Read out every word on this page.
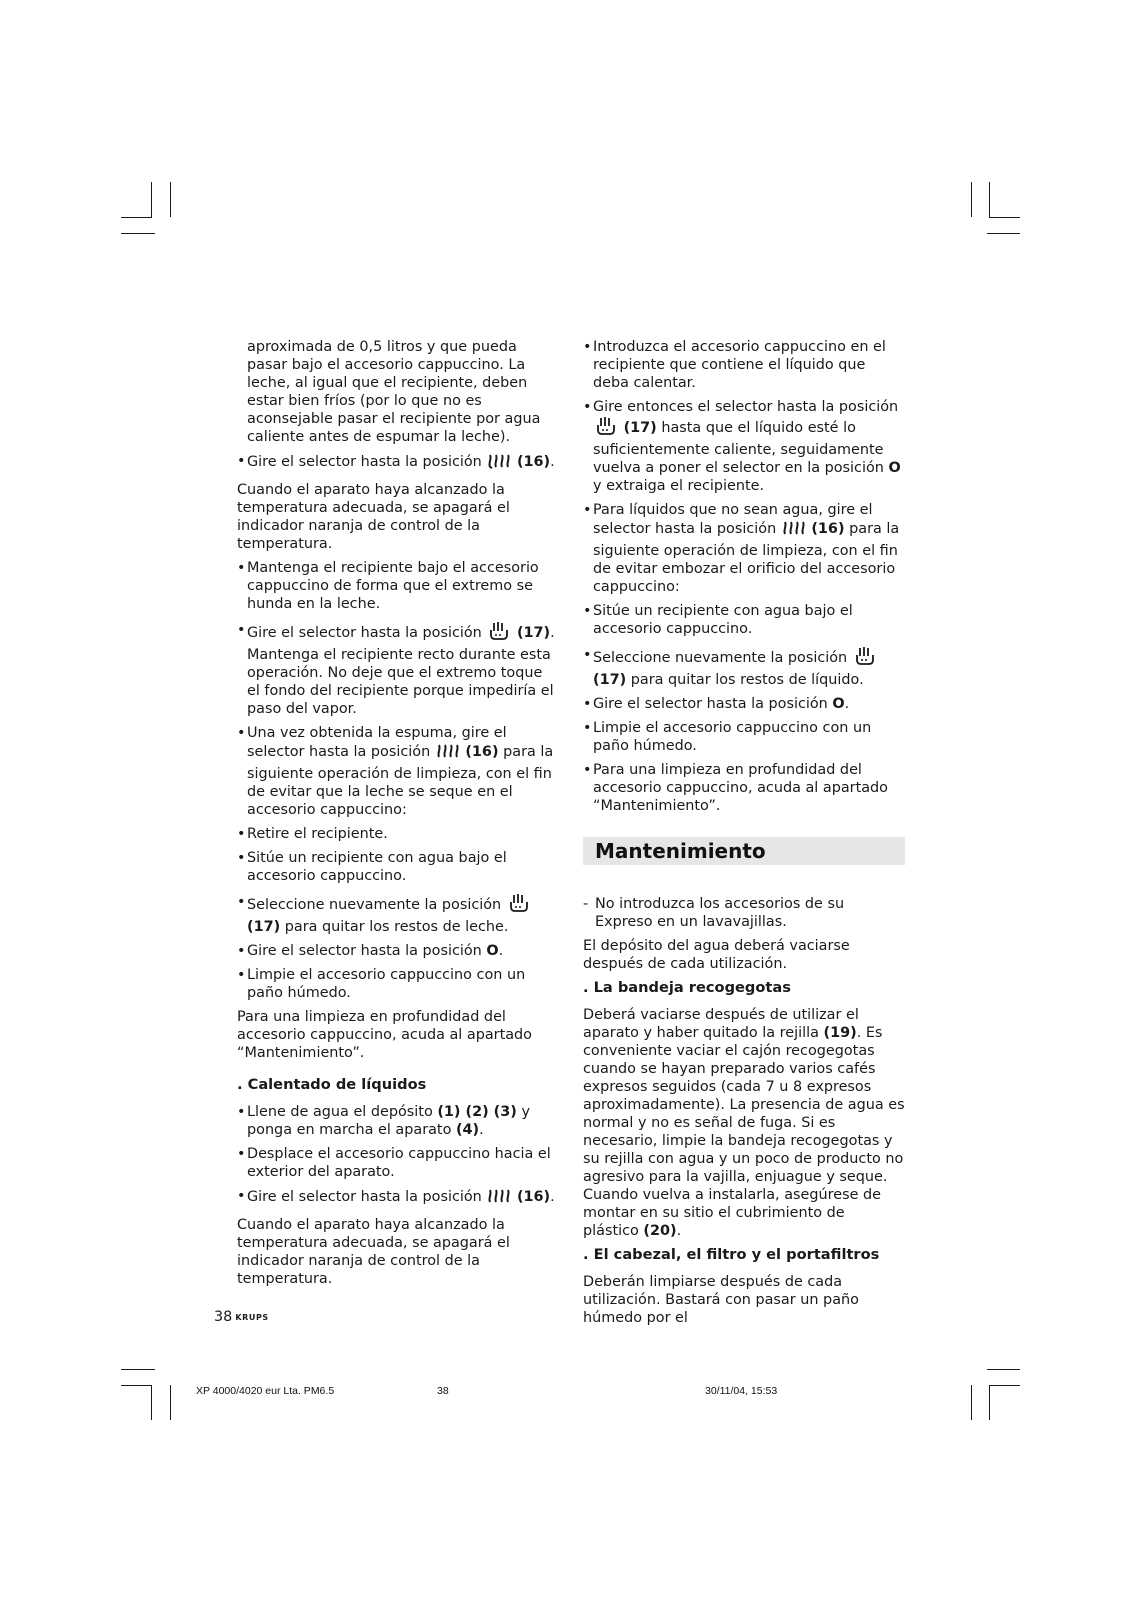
aproximada de 0,5 litros y que pueda pasar bajo el accesorio cappuccino. La leche, al igual que el recipiente, deben estar bien fríos (por lo que no es aconsejable pasar el recipiente por agua caliente antes de espumar la leche).

• Gire el selector hasta la posición (16).

Cuando el aparato haya alcanzado la temperatura adecuada, se apagará el indicador naranja de control de la temperatura.

• Mantenga el recipiente bajo el accesorio cappuccino de forma que el extremo se hunda en la leche.
• Gire el selector hasta la posición (17). Mantenga el recipiente recto durante esta operación. No deje que el extremo toque el fondo del recipiente porque impediría el paso del vapor.
• Una vez obtenida la espuma, gire el selector hasta la posición (16) para la siguiente operación de limpieza, con el fin de evitar que la leche se seque en el accesorio cappuccino:
• Retire el recipiente.
• Sitúe un recipiente con agua bajo el accesorio cappuccino.
• Seleccione nuevamente la posición  (17) para quitar los restos de leche.
• Gire el selector hasta la posición O.
• Limpie el accesorio cappuccino con un paño húmedo.

Para una limpieza en profundidad del accesorio cappuccino, acuda al apartado “Mantenimiento”.

. Calentado de líquidos
• Llene de agua el depósito (1) (2) (3) y ponga en marcha el aparato (4).
• Desplace el accesorio cappuccino hacia el exterior del aparato.
• Gire el selector hasta la posición (16).

Cuando el aparato haya alcanzado la temperatura adecuada, se apagará el indicador naranja de control de la temperatura.

• Introduzca el accesorio cappuccino en el recipiente que contiene el líquido que deba calentar.
• Gire entonces el selector hasta la posición  (17) hasta que el líquido esté lo suficientemente caliente, seguidamente vuelva a poner el selector en la posición O y extraiga el recipiente.
• Para líquidos que no sean agua, gire el selector hasta la posición (16) para la siguiente operación de limpieza, con el fin de evitar embozar el orificio del accesorio cappuccino:
• Sitúe un recipiente con agua bajo el accesorio cappuccino.
• Seleccione nuevamente la posición  (17) para quitar los restos de líquido.
• Gire el selector hasta la posición O.
• Limpie el accesorio cappuccino con un paño húmedo.
• Para una limpieza en profundidad del accesorio cappuccino, acuda al apartado “Mantenimiento”.
Mantenimiento
- No introduzca los accesorios de su Expreso en un lavavajillas.

El depósito del agua deberá vaciarse después de cada utilización.

. La bandeja recogegotas

Deberá vaciarse después de utilizar el aparato y haber quitado la rejilla (19). Es conveniente vaciar el cajón recogegotas cuando se hayan preparado varios cafés expresos seguidos (cada 7 u 8 expresos aproximadamente). La presencia de agua es normal y no es señal de fuga. Si es necesario, limpie la bandeja recogegotas y su rejilla con agua y un poco de producto no agresivo para la vajilla, enjuague y seque. Cuando vuelva a instalarla, asegúrese de montar en su sitio el cubrimiento de plástico (20).

. El cabezal, el filtro y el portafiltros

Deberán limpiarse después de cada utilización. Bastará con pasar un paño húmedo por el

38 KRUPS
XP 4000/4020 eur Lta. PM6.5	38	30/11/04, 15:53
